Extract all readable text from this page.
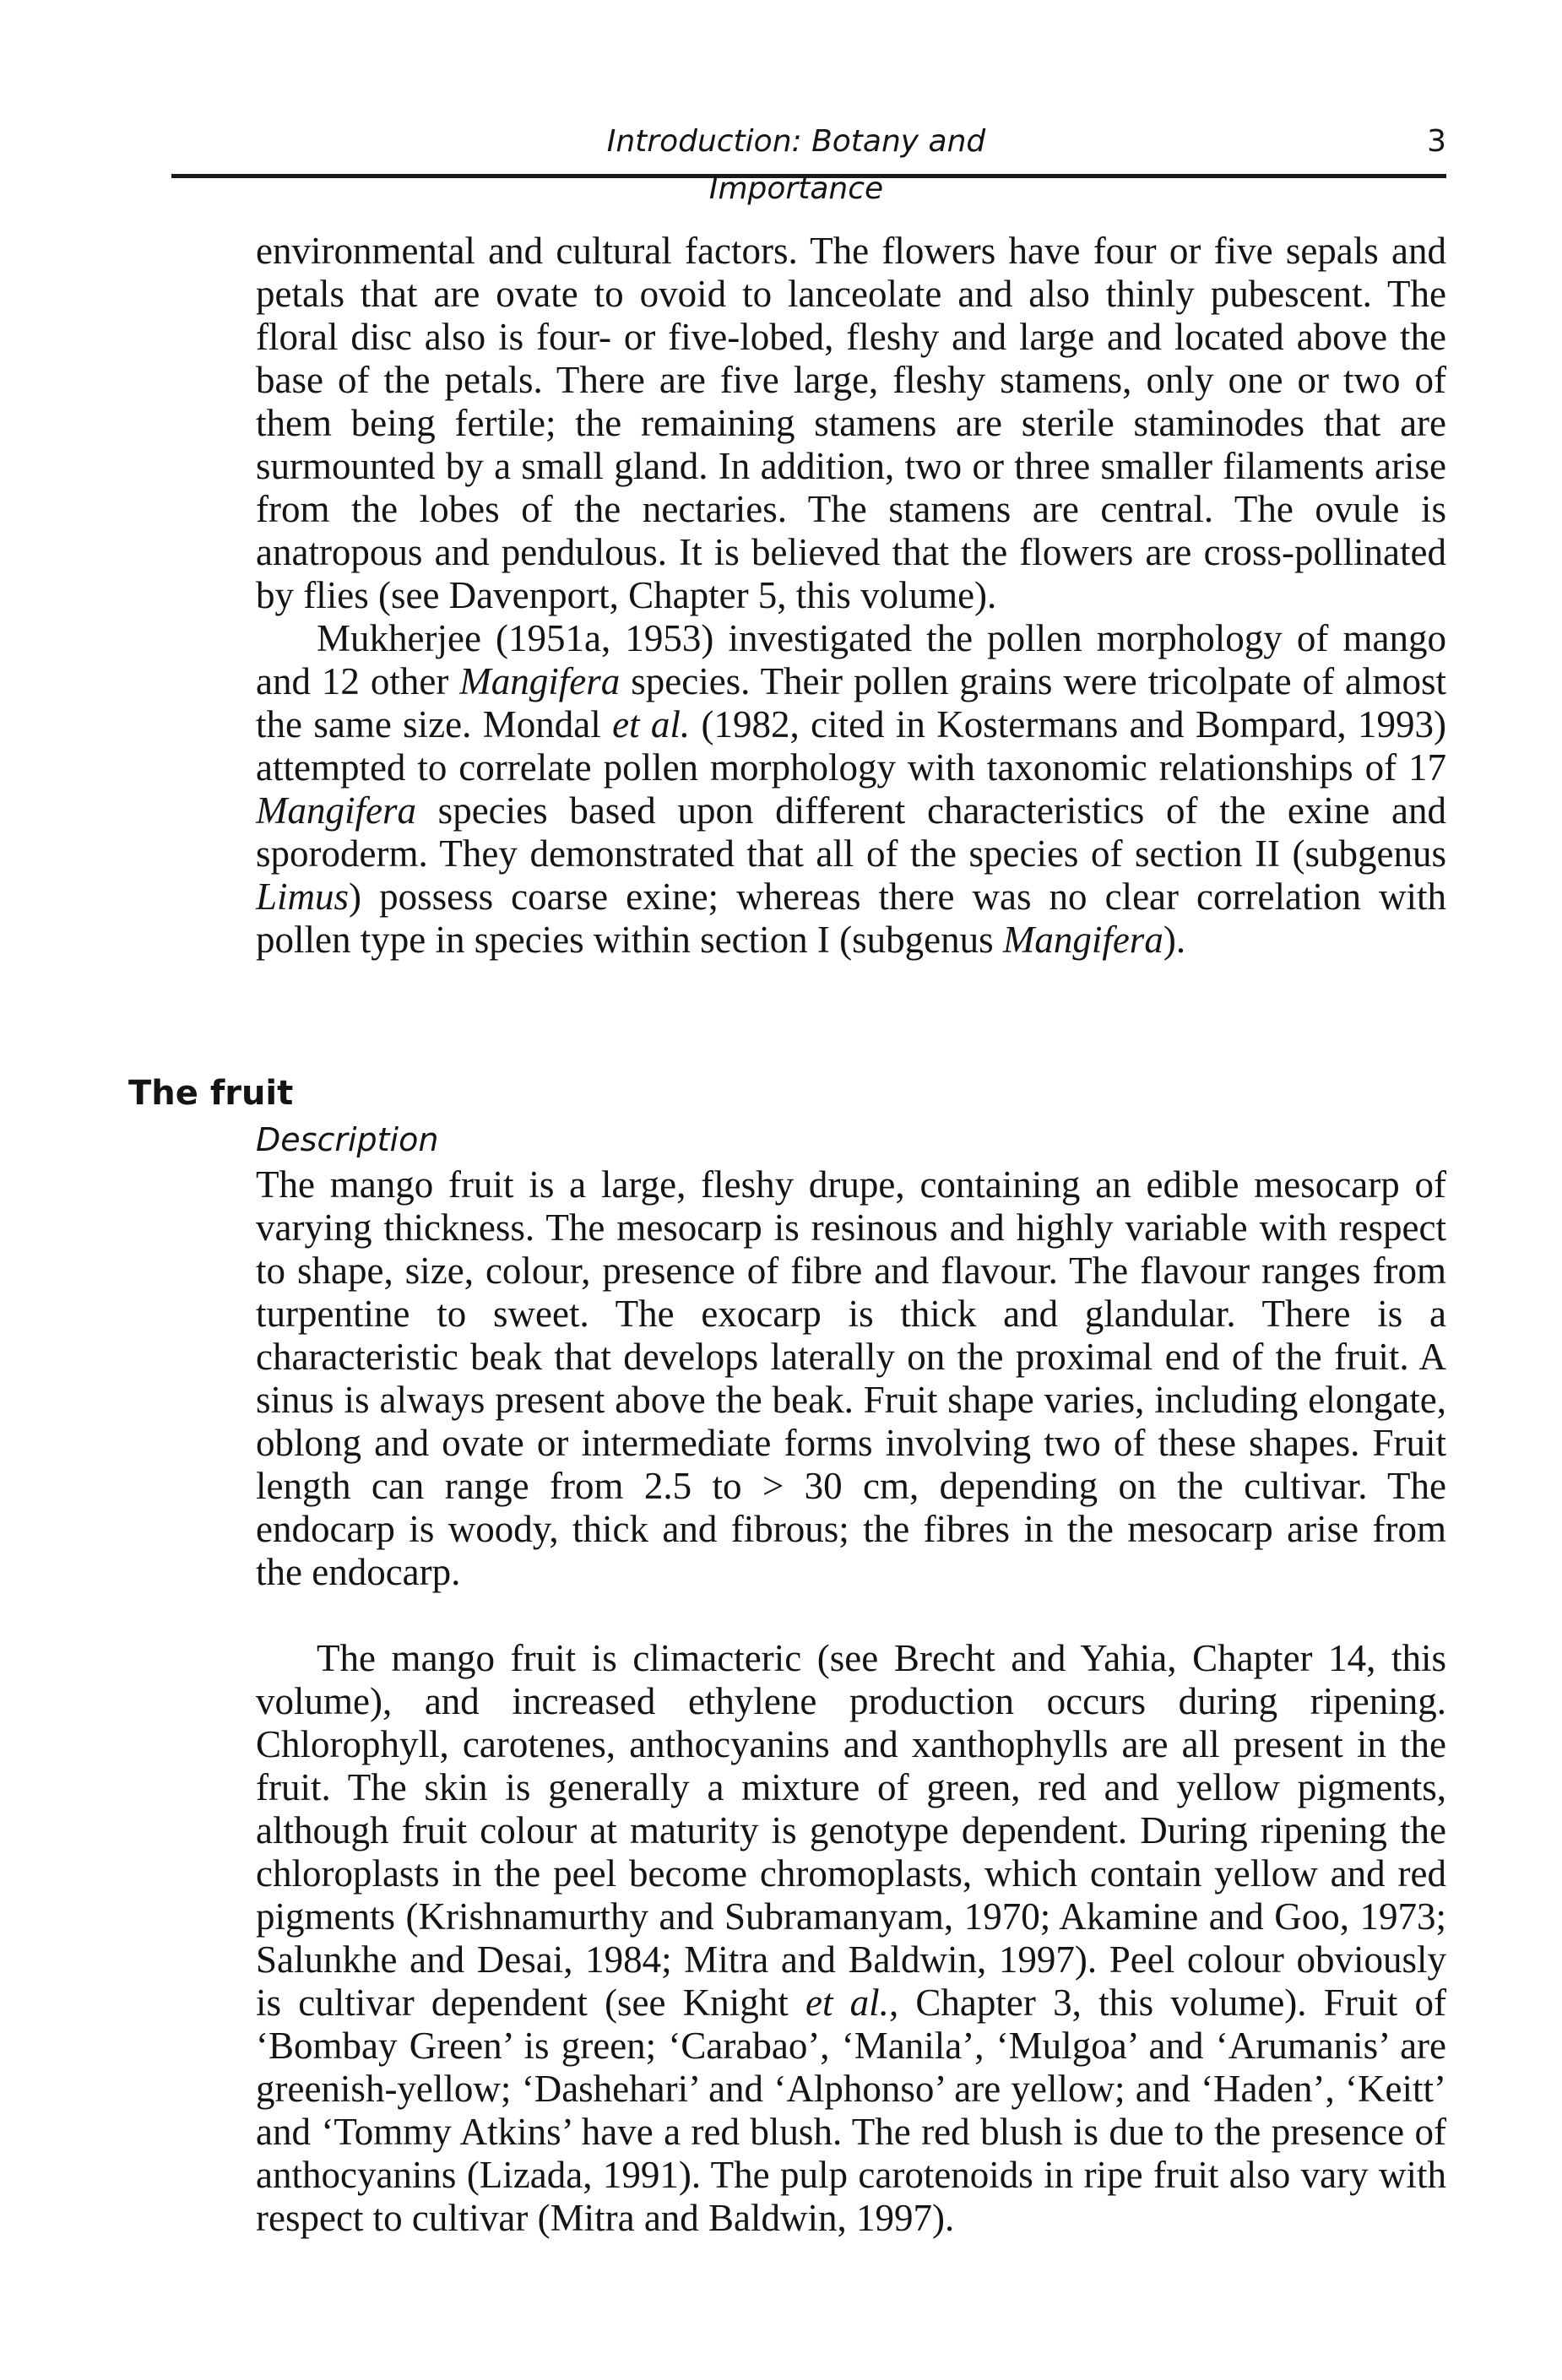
Introduction: Botany and Importance
3

environmental and cultural factors. The flowers have four or five sepals and petals that are ovate to ovoid to lanceolate and also thinly pubescent. The floral disc also is four- or five-lobed, fleshy and large and located above the base of the petals. There are five large, fleshy stamens, only one or two of them being fertile; the remaining stamens are sterile staminodes that are surmounted by a small gland. In addition, two or three smaller filaments arise from the lobes of the nectaries. The stamens are central. The ovule is anatropous and pendulous. It is believed that the flowers are cross-pollinated by flies (see Davenport, Chapter 5, this volume).

Mukherjee (1951a, 1953) investigated the pollen morphology of mango and 12 other Mangifera species. Their pollen grains were tricolpate of almost the same size. Mondal et al. (1982, cited in Kostermans and Bompard, 1993) attempted to correlate pollen morphology with taxonomic relationships of 17 Mangifera species based upon different characteristics of the exine and sporoderm. They demonstrated that all of the species of section II (subgenus Limus) possess coarse exine; whereas there was no clear correlation with pollen type in species within section I (subgenus Mangifera).

The fruit
Description

The mango fruit is a large, fleshy drupe, containing an edible mesocarp of varying thickness. The mesocarp is resinous and highly variable with respect to shape, size, colour, presence of fibre and flavour. The flavour ranges from turpentine to sweet. The exocarp is thick and glandular. There is a characteristic beak that develops laterally on the proximal end of the fruit. A sinus is always present above the beak. Fruit shape varies, including elongate, oblong and ovate or intermediate forms involving two of these shapes. Fruit length can range from 2.5 to > 30 cm, depending on the cultivar. The endocarp is woody, thick and fibrous; the fibres in the mesocarp arise from the endocarp.

The mango fruit is climacteric (see Brecht and Yahia, Chapter 14, this volume), and increased ethylene production occurs during ripening. Chlorophyll, carotenes, anthocyanins and xanthophylls are all present in the fruit. The skin is generally a mixture of green, red and yellow pigments, although fruit colour at maturity is genotype dependent. During ripening the chloroplasts in the peel become chromoplasts, which contain yellow and red pigments (Krishnamurthy and Subramanyam, 1970; Akamine and Goo, 1973; Salunkhe and Desai, 1984; Mitra and Baldwin, 1997). Peel colour obviously is cultivar dependent (see Knight et al., Chapter 3, this volume). Fruit of ‘Bombay Green’ is green; ‘Carabao’, ‘Manila’, ‘Mulgoa’ and ‘Arumanis’ are greenish-yellow; ‘Dashehari’ and ‘Alphonso’ are yellow; and ‘Haden’, ‘Keitt’ and ‘Tommy Atkins’ have a red blush. The red blush is due to the presence of anthocyanins (Lizada, 1991). The pulp carotenoids in ripe fruit also vary with respect to cultivar (Mitra and Baldwin, 1997).
